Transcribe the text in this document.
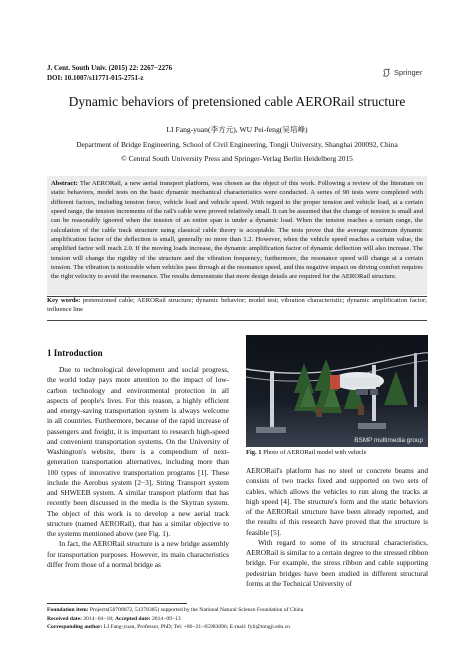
J. Cent. South Univ. (2015) 22: 2267−2276
DOI: 10.1007/s11771-015-2751-z
Springer
Dynamic behaviors of pretensioned cable AERORail structure
LI Fang-yuan(李方元), WU Pei-feng(吴培峰)
Department of Bridge Engineering, School of Civil Engineering, Tongji University, Shanghai 200092, China
© Central South University Press and Springer-Verlag Berlin Heidelberg 2015
Abstract: The AERORail, a new aerial transport platform, was chosen as the object of this work. Following a review of the literature on static behaviors, model tests on the basic dynamic mechanical characteristics were conducted. A series of 90 tests were completed with different factors, including tension force, vehicle load and vehicle speed. With regard to the proper tension and vehicle load, at a certain speed range, the tension increments of the rail's cable were proved relatively small. It can be assumed that the change of tension is small and can be reasonably ignored when the tension of an entire span is under a dynamic load. When the tension reaches a certain range, the calculation of the cable track structure using classical cable theory is acceptable. The tests prove that the average maximum dynamic amplification factor of the deflection is small, generally no more than 1.2. However, when the vehicle speed reaches a certain value, the amplified factor will reach 2.0. If the moving loads increase, the dynamic amplification factor of dynamic deflection will also increase. The tension will change the rigidity of the structure and the vibration frequency; furthermore, the resonance speed will change at a certain tension. The vibration is noticeable when vehicles pass through at the resonance speed, and this negative impact on driving comfort requires the right velocity to avoid the resonance. The results demonstrate that more design details are required for the AERORail structure.
Key words: pretensioned cable; AERORail structure; dynamic behavior; model test; vibration characteristic; dynamic amplification factor; influence line
1 Introduction

Due to technological development and social progress, the world today pays more attention to the impact of low-carbon technology and environmental protection in all aspects of people's lives. For this reason, a highly efficient and energy-saving transportation system is always welcome in all countries. Furthermore, because of the rapid increase of passengers and freight, it is important to research high-speed and convenient transportation systems. On the University of Washington's website, there is a compendium of next-generation transportation alternatives, including more than 100 types of innovative transportation programs [1]. These include the Aerobus system [2−3], String Transport system and SHWEEB system. A similar transport platform that has recently been discussed in the media is the Skytran system. The object of this work is to develop a new aerial track structure (named AERORail), that has a similar objective to the systems mentioned above (see Fig. 1).

In fact, the AERORail structure is a new bridge assembly for transportation purposes. However, its main characteristics differ from those of a normal bridge as

BSMP multimedia group
Fig. 1 Photo of AERORail model with vehicle

AERORail's platform has no steel or concrete beams and consists of two tracks fixed and supported on two sets of cables, which allows the vehicles to run along the tracks at high speed [4]. The structure's form and the static behaviors of the AERORail structure have been already reported, and the results of this research have proved that the structure is feasible [5].

With regard to some of its structural characteristics, AERORail is similar to a certain degree to the stressed ribbon bridge. For example, the stress ribbon and cable supporting pedestrian bridges have been studied in different structural forms at the Technical University of

Foundation item: Projects(50708072, 51378385) supported by the National Natural Science Foundation of China
Received date: 2014−04−18; Accepted date: 2014−09−13
Corresponding author: LI Fang-yuan, Professor, PhD; Tel: +86−21−65983096; E-mail: fyli@tongji.edu.cn
